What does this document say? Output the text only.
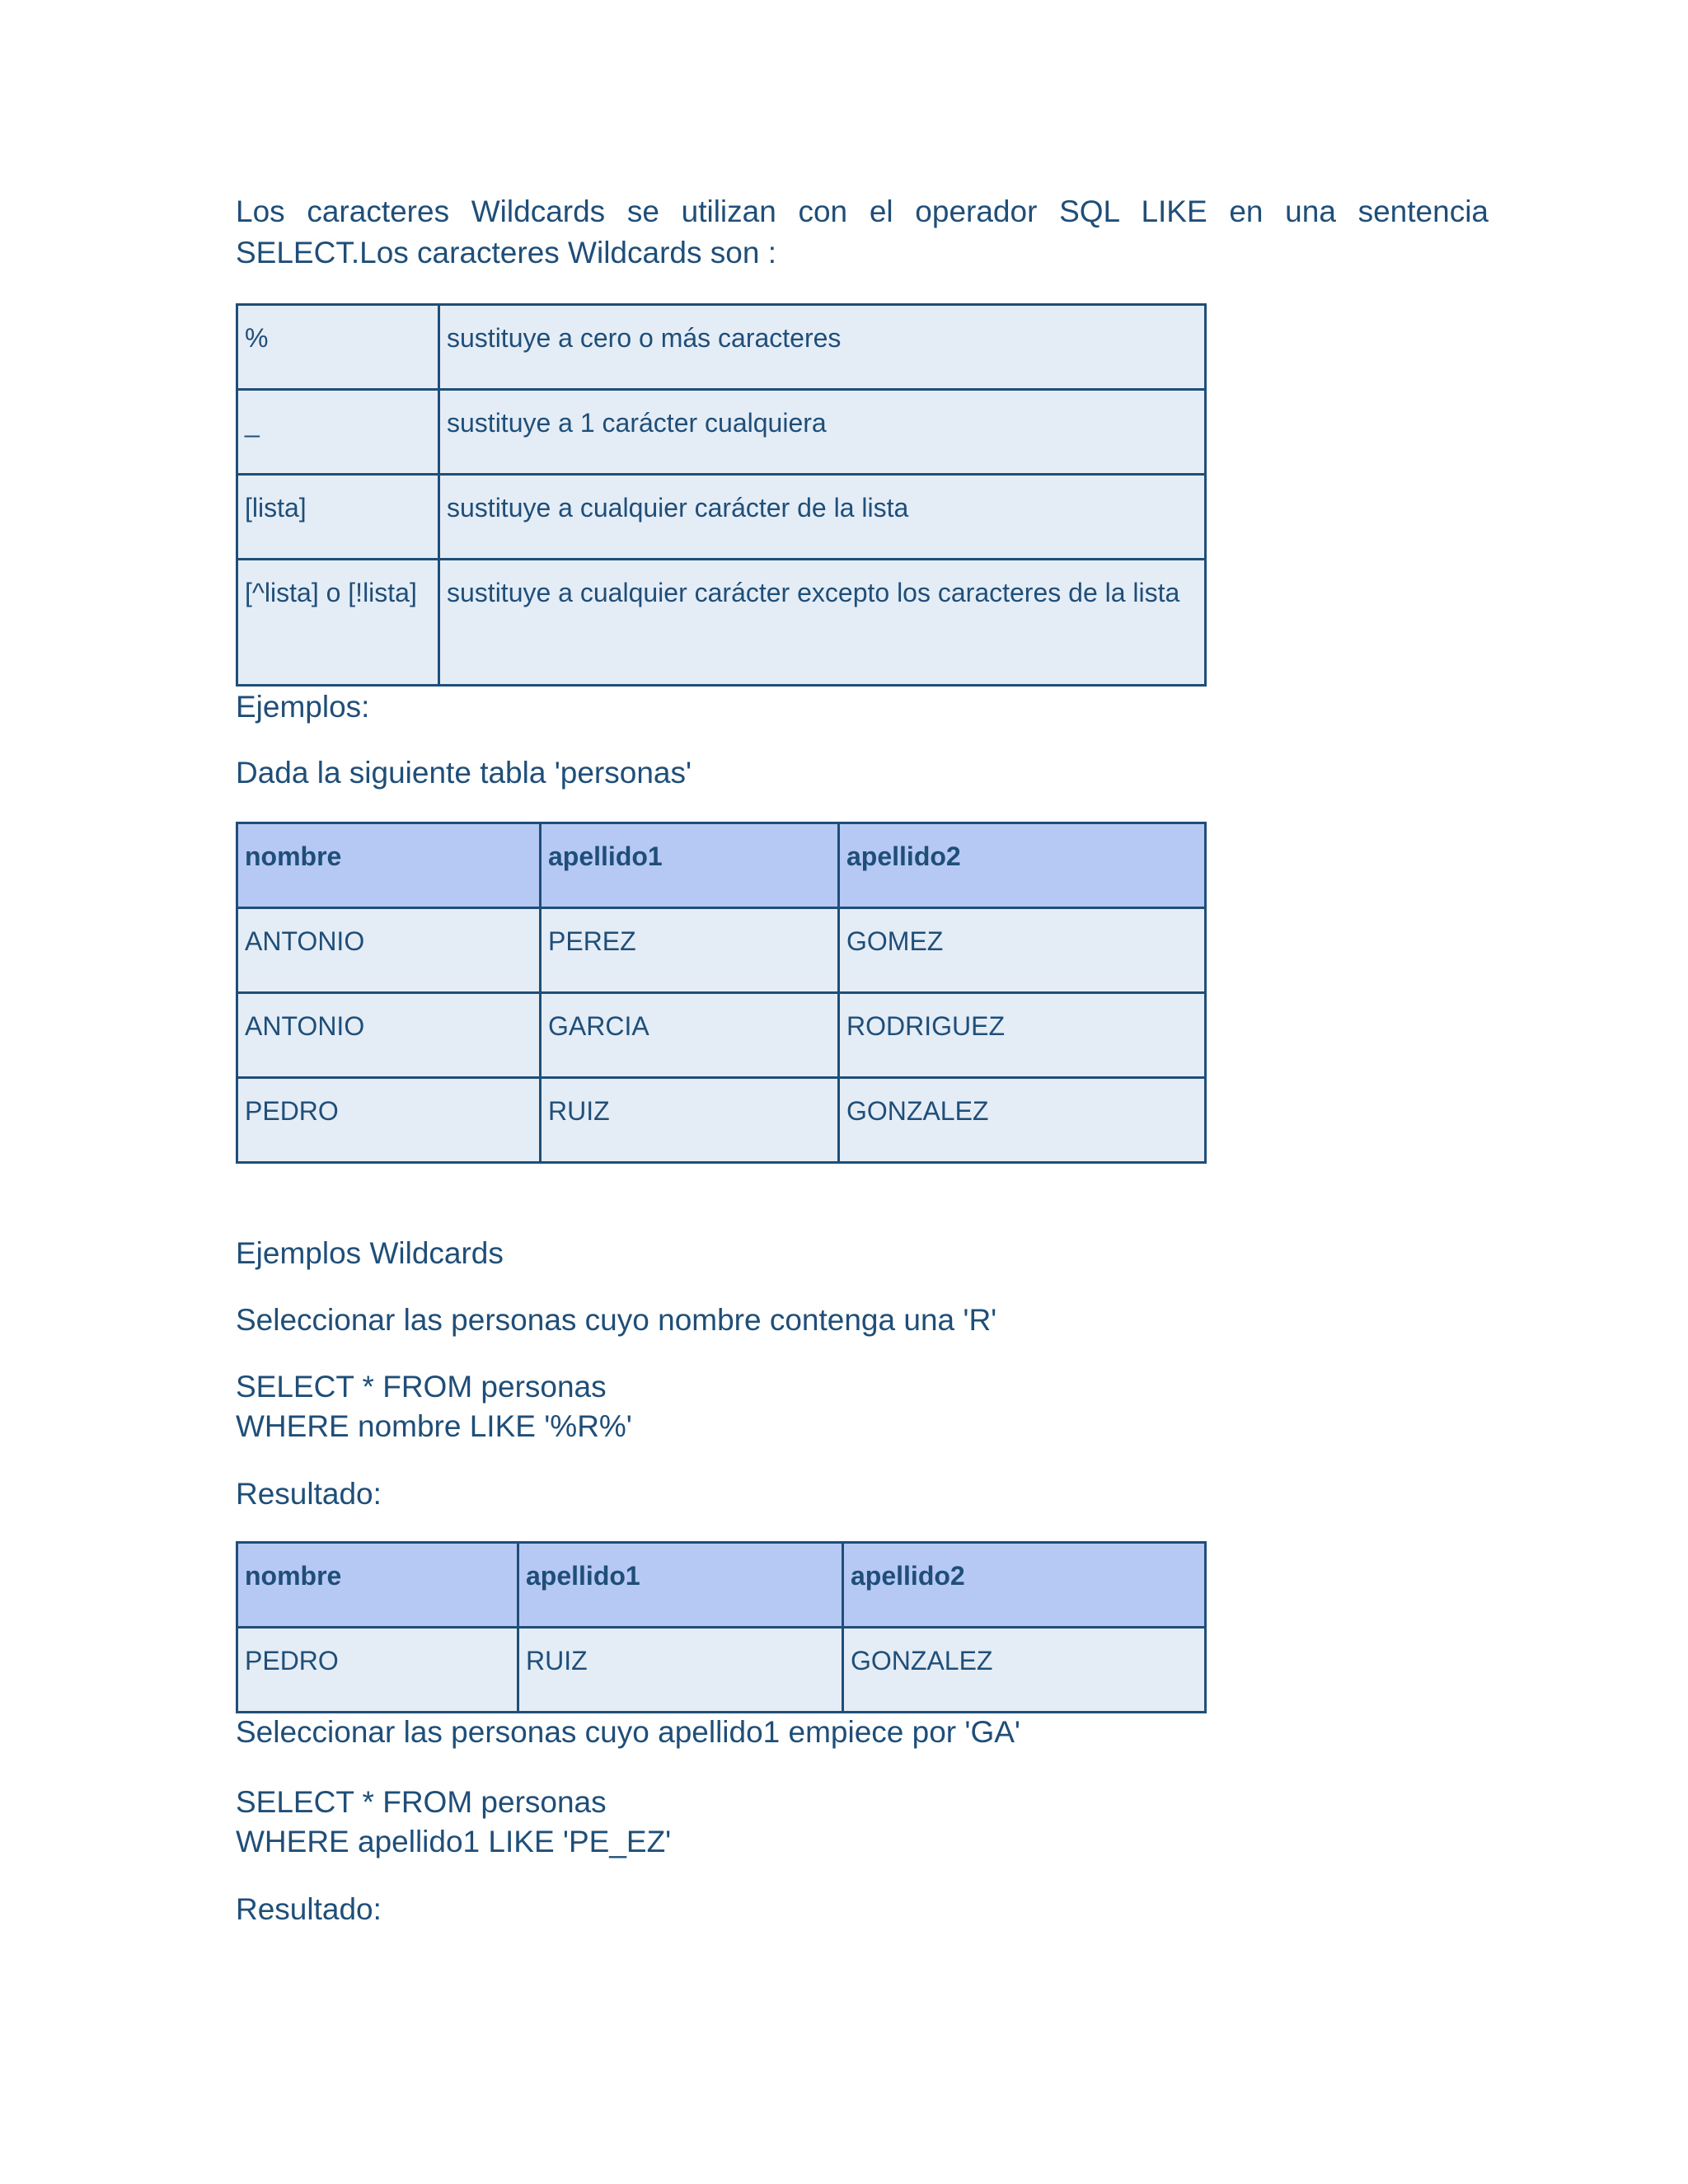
Los caracteres Wildcards se utilizan con el operador SQL LIKE en una sentencia
SELECT.Los caracteres Wildcards son :

%	sustituye a cero o más caracteres
_	sustituye a 1 carácter cualquiera
[lista]	sustituye a cualquier carácter de la lista
[^lista] o [!lista]	sustituye a cualquier carácter excepto los caracteres de la lista

Ejemplos:

Dada la siguiente tabla 'personas'

nombre	apellido1	apellido2
ANTONIO	PEREZ	GOMEZ
ANTONIO	GARCIA	RODRIGUEZ
PEDRO	RUIZ	GONZALEZ

Ejemplos Wildcards

Seleccionar las personas cuyo nombre contenga una 'R'

SELECT * FROM personas

WHERE nombre LIKE '%R%'

Resultado:

nombre	apellido1	apellido2
PEDRO	RUIZ	GONZALEZ

Seleccionar las personas cuyo apellido1 empiece por 'GA'

SELECT * FROM personas

WHERE apellido1 LIKE 'PE_EZ'

Resultado:
